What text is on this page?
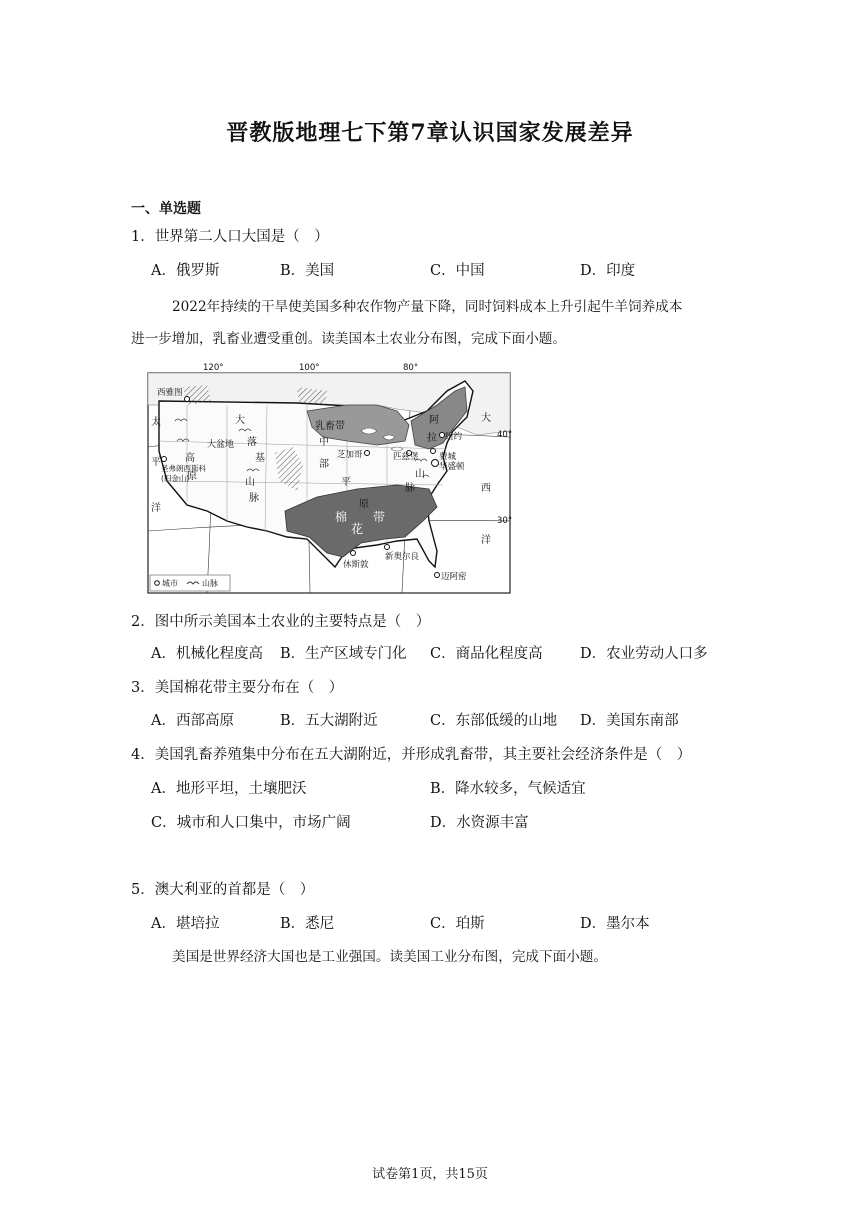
晋教版地理七下第7章认识国家发展差异
一、单选题
1．世界第二人口大国是（　）
A．俄罗斯	B．美国	C．中国	D．印度
2022年持续的干旱使美国多种农作物产量下降，同时饲料成本上升引起牛羊饲养成本
进一步增加，乳畜业遭受重创。读美国本土农业分布图，完成下面小题。
120°	100°	80°
40°
30°
西雅图
乳畜带
棉
花
带
芝加哥	匹兹堡 费城
纽约
华盛顿
新奥尔良
休斯敦
迈阿密
太
平
洋
大	大
西
洋
中
部
平
原
大盆地 落
基
山
脉
高
原
阿
拉
山
脉
圣弗朗西斯科
(旧金山)
城市	山脉
2．图中所示美国本土农业的主要特点是（　）
A．机械化程度高 B．生产区域专门化 C．商品化程度高	D．农业劳动人口多
3．美国棉花带主要分布在（　）
A．西部高原	B．五大湖附近	C．东部低缓的山地 D．美国东南部
4．美国乳畜养殖集中分布在五大湖附近，并形成乳畜带，其主要社会经济条件是（　）
A．地形平坦，土壤肥沃	B．降水较多，气候适宜
C．城市和人口集中，市场广阔	D．水资源丰富
5．澳大利亚的首都是（　）
A．堪培拉	B．悉尼	C．珀斯	D．墨尔本
美国是世界经济大国也是工业强国。读美国工业分布图，完成下面小题。
试卷第1页，共15页
